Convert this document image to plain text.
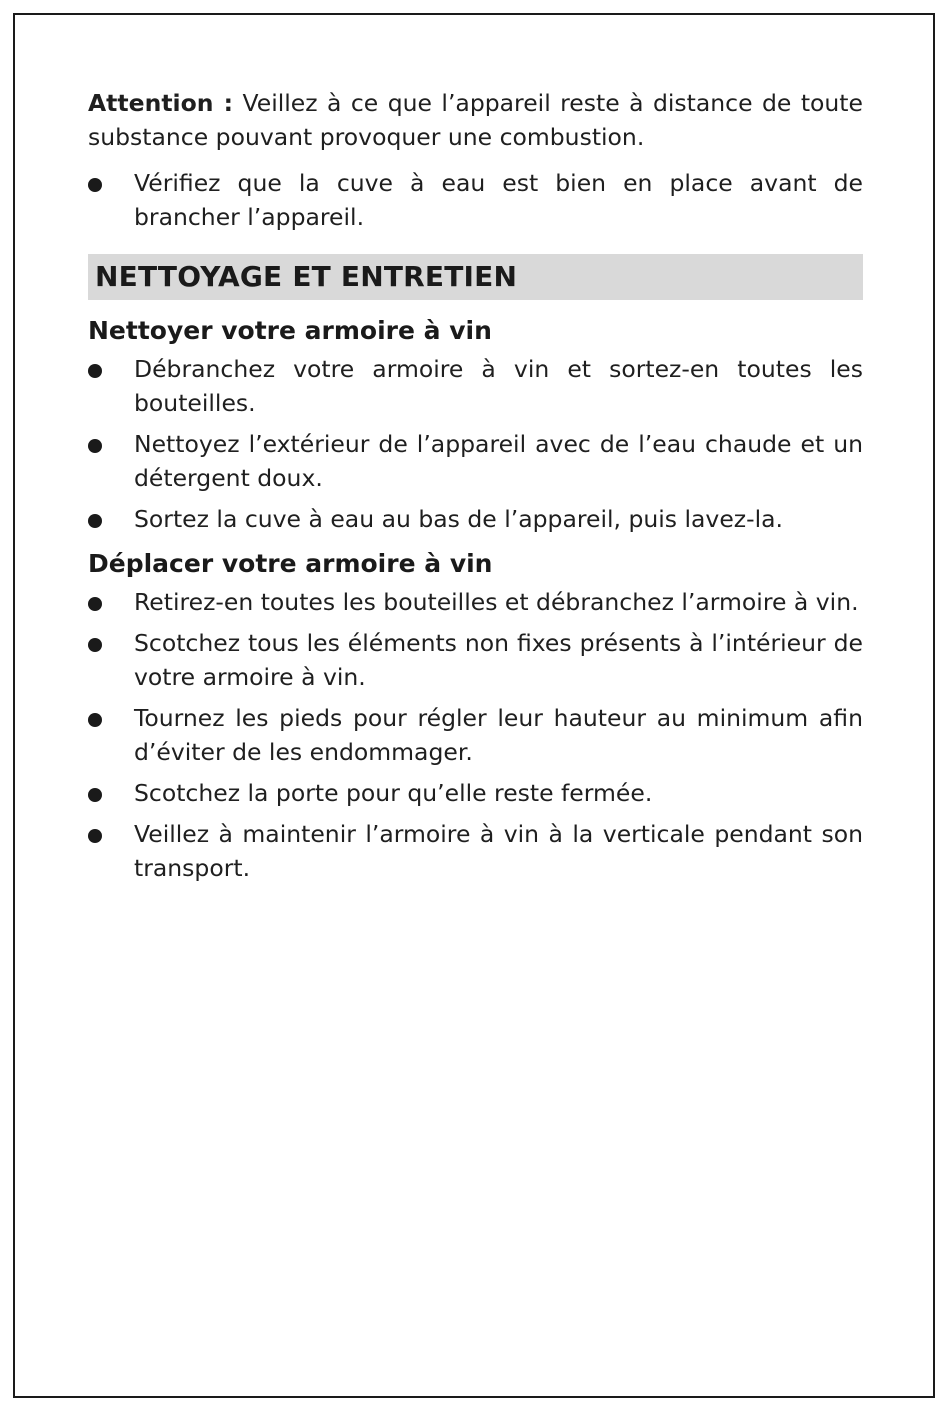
Attention : Veillez à ce que l’appareil reste à distance de toute substance pouvant provoquer une combustion.

Vérifiez que la cuve à eau est bien en place avant de brancher l’appareil.
NETTOYAGE ET ENTRETIEN
Nettoyer votre armoire à vin
Débranchez votre armoire à vin et sortez-en toutes les bouteilles.
Nettoyez l’extérieur de l’appareil avec de l’eau chaude et un détergent doux.
Sortez la cuve à eau au bas de l’appareil, puis lavez-la.
Déplacer votre armoire à vin
Retirez-en toutes les bouteilles et débranchez l’armoire à vin.
Scotchez tous les éléments non fixes présents à l’intérieur de votre armoire à vin.
Tournez les pieds pour régler leur hauteur au minimum afin d’éviter de les endommager.
Scotchez la porte pour qu’elle reste fermée.
Veillez à maintenir l’armoire à vin à la verticale pendant son transport.
